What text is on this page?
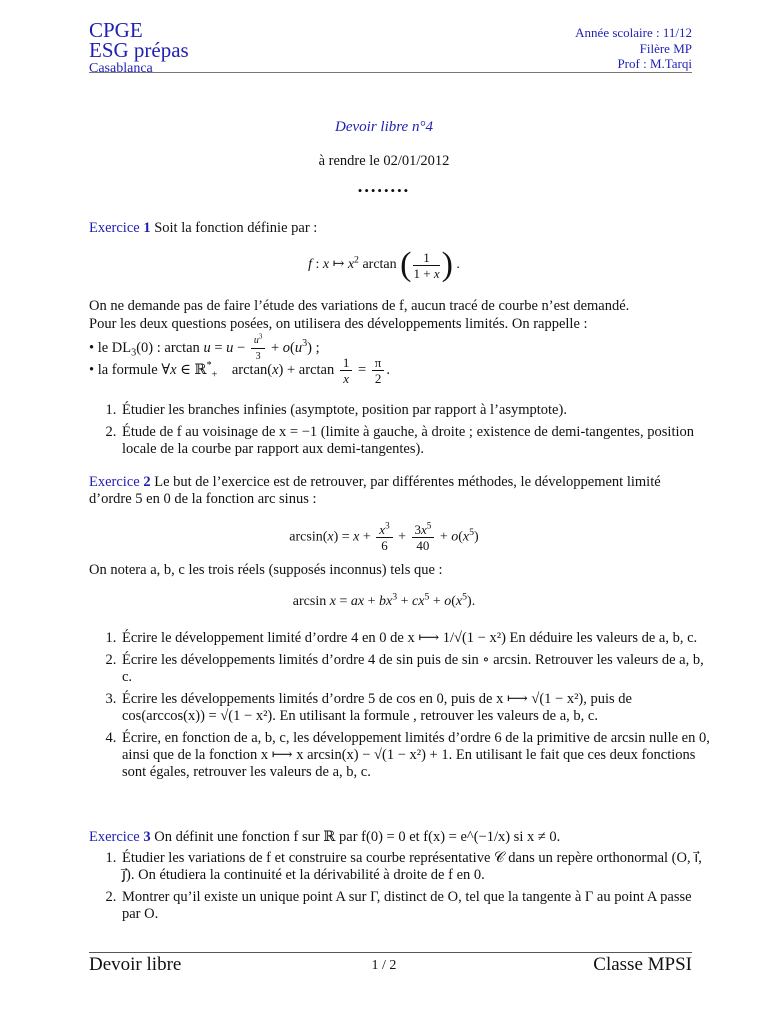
CPGE
ESG prépas
Casablanca
Année scolaire : 11/12
Filère MP
Prof : M.Tarqi
Devoir libre n°4
à rendre le 02/01/2012
••••••••
Exercice 1 Soit la fonction définie par :
f : x ↦ $x^2$ arctan ( $\frac{1}{1 + x}$ ) .
On ne demande pas de faire l’étude des variations de f, aucun tracé de courbe n’est demandé.
Pour les deux questions posées, on utilisera des développements limités. On rappelle :
• le $DL_3(0)$ : $\arctan u = u - \frac{u^3}{3} + o(u^3)$ ;
• la formule ∀x ∈ ℝ*$_+$    $\arctan(x) + \arctan \frac{1}{x} = \frac{\pi}{2}$ .
1. Étudier les branches infinies (asymptote, position par rapport à l’asymptote).
2. Étude de f au voisinage de x = −1 (limite à gauche, à droite ; existence de demi-tangentes, position locale de la courbe par rapport aux demi-tangentes).
Exercice 2 Le but de l’exercice est de retrouver, par différentes méthodes, le développement limité d’ordre 5 en 0 de la fonction arc sinus :
$\arcsin(x) = x + \frac{x^3}{6} + \frac{3x^5}{40} + o(x^5)$
On notera a, b, c les trois réels (supposés inconnus) tels que :
arcsin x = ax + $bx^3 + cx^5 + o(x^5)$.
1. Écrire le développement limité d’ordre 4 en 0 de x ⟼ 1/√(1 − x²) En déduire les valeurs de a, b, c.
2. Écrire les développements limités d’ordre 4 de sin puis de sin ∘ arcsin. Retrouver les valeurs de a, b, c.
3. Écrire les développements limités d’ordre 5 de cos en 0, puis de x ⟼ √(1 − x²), puis de cos(arccos(x)) = √(1 − x²). En utilisant la formule , retrouver les valeurs de a, b, c.
4. Écrire, en fonction de a, b, c, les développement limités d’ordre 6 de la primitive de arcsin nulle en 0, ainsi que de la fonction x ⟼ x arcsin(x) − √(1 − x²) + 1. En utilisant le fait que ces deux fonctions sont égales, retrouver les valeurs de a, b, c.
Exercice 3 On définit une fonction f sur ℝ par f(0) = 0 et f(x) = e^(−1/x) si x ≠ 0.
1. Étudier les variations de f et construire sa courbe représentative 𝒞 dans un repère orthonormal (O, i⃗, j⃗). On étudiera la continuité et la dérivabilité à droite de f en 0.
2. Montrer qu’il existe un unique point A sur Γ, distinct de O, tel que la tangente à Γ au point A passe par O.
Devoir libre	1 / 2	Classe MPSI
